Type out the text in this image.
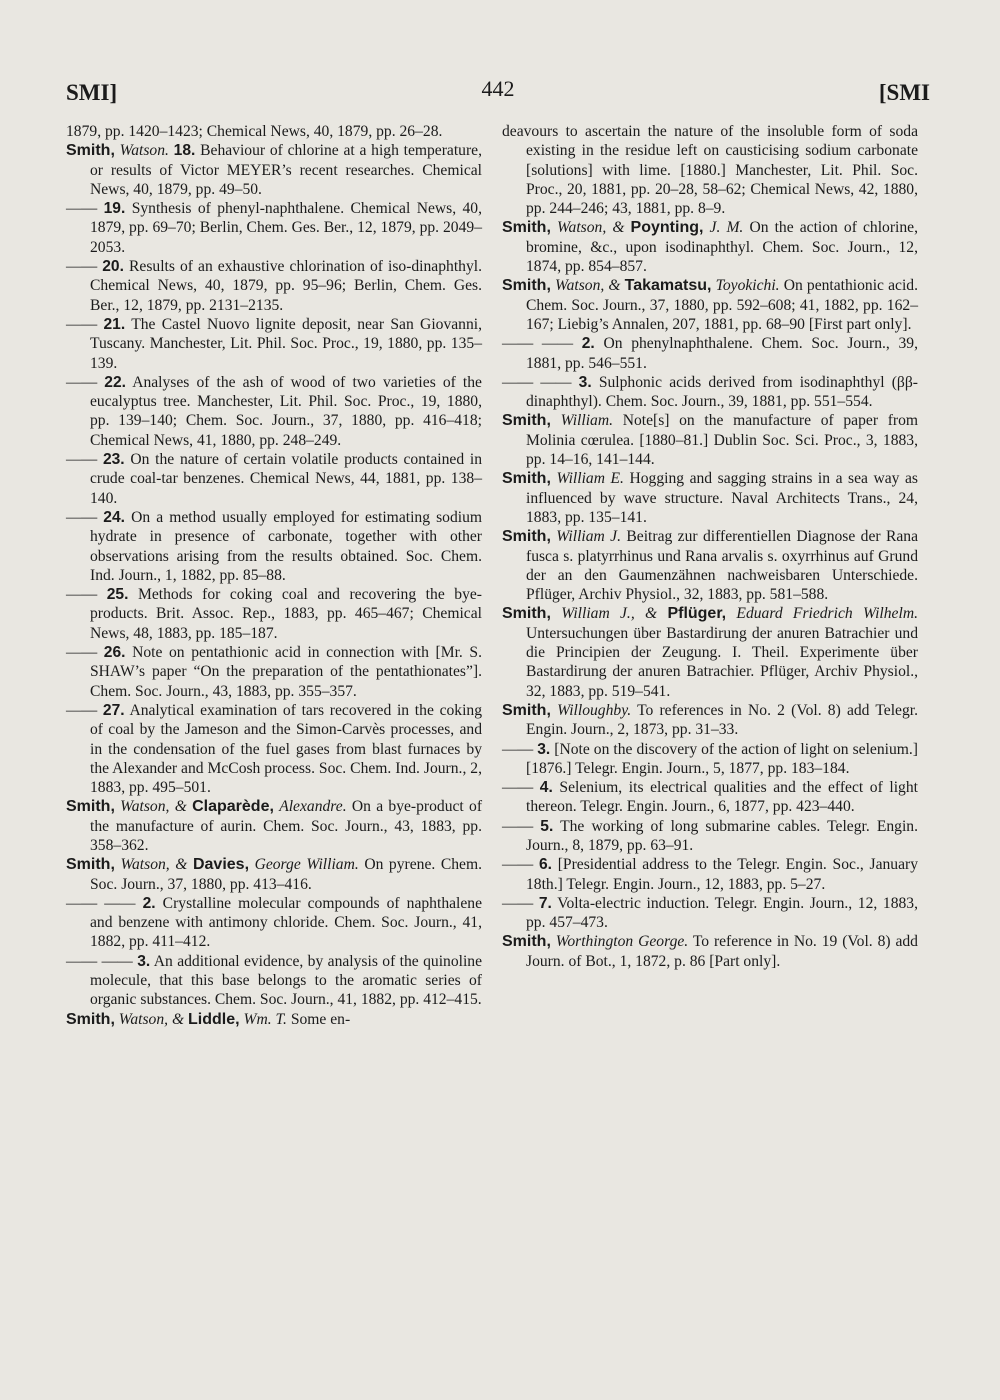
SMI]	442	[SMI

1879, pp. 1420–1423; Chemical News, 40, 1879, pp. 26–28.

Smith, Watson. 18. Behaviour of chlorine at a high temperature, or results of Victor MEYER’s recent researches. Chemical News, 40, 1879, pp. 49–50.

—— 19. Synthesis of phenyl-naphthalene. Chemical News, 40, 1879, pp. 69–70; Berlin, Chem. Ges. Ber., 12, 1879, pp. 2049–2053.

—— 20. Results of an exhaustive chlorination of iso-dinaphthyl. Chemical News, 40, 1879, pp. 95–96; Berlin, Chem. Ges. Ber., 12, 1879, pp. 2131–2135.

—— 21. The Castel Nuovo lignite deposit, near San Giovanni, Tuscany. Manchester, Lit. Phil. Soc. Proc., 19, 1880, pp. 135–139.

—— 22. Analyses of the ash of wood of two varieties of the eucalyptus tree. Manchester, Lit. Phil. Soc. Proc., 19, 1880, pp. 139–140; Chem. Soc. Journ., 37, 1880, pp. 416–418; Chemical News, 41, 1880, pp. 248–249.

—— 23. On the nature of certain volatile products contained in crude coal-tar benzenes. Chemical News, 44, 1881, pp. 138–140.

—— 24. On a method usually employed for estimating sodium hydrate in presence of carbonate, together with other observations arising from the results obtained. Soc. Chem. Ind. Journ., 1, 1882, pp. 85–88.

—— 25. Methods for coking coal and recovering the bye-products. Brit. Assoc. Rep., 1883, pp. 465–467; Chemical News, 48, 1883, pp. 185–187.

—— 26. Note on pentathionic acid in connection with [Mr. S. SHAW’s paper “On the preparation of the pentathionates”]. Chem. Soc. Journ., 43, 1883, pp. 355–357.

—— 27. Analytical examination of tars recovered in the coking of coal by the Jameson and the Simon-Carvès processes, and in the condensation of the fuel gases from blast furnaces by the Alexander and McCosh process. Soc. Chem. Ind. Journ., 2, 1883, pp. 495–501.

Smith, Watson, & Claparède, Alexandre. On a bye-product of the manufacture of aurin. Chem. Soc. Journ., 43, 1883, pp. 358–362.

Smith, Watson, & Davies, George William. On pyrene. Chem. Soc. Journ., 37, 1880, pp. 413–416.

—— —— 2. Crystalline molecular compounds of naphthalene and benzene with antimony chloride. Chem. Soc. Journ., 41, 1882, pp. 411–412.

—— —— 3. An additional evidence, by analysis of the quinoline molecule, that this base belongs to the aromatic series of organic substances. Chem. Soc. Journ., 41, 1882, pp. 412–415.

Smith, Watson, & Liddle, Wm. T. Some en-

deavours to ascertain the nature of the insoluble form of soda existing in the residue left on causticising sodium carbonate [solutions] with lime. [1880.] Manchester, Lit. Phil. Soc. Proc., 20, 1881, pp. 20–28, 58–62; Chemical News, 42, 1880, pp. 244–246; 43, 1881, pp. 8–9.

Smith, Watson, & Poynting, J. M. On the action of chlorine, bromine, &c., upon isodinaphthyl. Chem. Soc. Journ., 12, 1874, pp. 854–857.

Smith, Watson, & Takamatsu, Toyokichi. On pentathionic acid. Chem. Soc. Journ., 37, 1880, pp. 592–608; 41, 1882, pp. 162–167; Liebig’s Annalen, 207, 1881, pp. 68–90 [First part only].

—— —— 2. On phenylnaphthalene. Chem. Soc. Journ., 39, 1881, pp. 546–551.

—— —— 3. Sulphonic acids derived from isodinaphthyl (ββ-dinaphthyl). Chem. Soc. Journ., 39, 1881, pp. 551–554.

Smith, William. Note[s] on the manufacture of paper from Molinia cœrulea. [1880–81.] Dublin Soc. Sci. Proc., 3, 1883, pp. 14–16, 141–144.

Smith, William E. Hogging and sagging strains in a sea way as influenced by wave structure. Naval Architects Trans., 24, 1883, pp. 135–141.

Smith, William J. Beitrag zur differentiellen Diagnose der Rana fusca s. platyrrhinus und Rana arvalis s. oxyrrhinus auf Grund der an den Gaumenzähnen nachweisbaren Unterschiede. Pflüger, Archiv Physiol., 32, 1883, pp. 581–588.

Smith, William J., & Pflüger, Eduard Friedrich Wilhelm. Untersuchungen über Bastardirung der anuren Batrachier und die Principien der Zeugung. I. Theil. Experimente über Bastardirung der anuren Batrachier. Pflüger, Archiv Physiol., 32, 1883, pp. 519–541.

Smith, Willoughby. To references in No. 2 (Vol. 8) add Telegr. Engin. Journ., 2, 1873, pp. 31–33.

—— 3. [Note on the discovery of the action of light on selenium.] [1876.] Telegr. Engin. Journ., 5, 1877, pp. 183–184.

—— 4. Selenium, its electrical qualities and the effect of light thereon. Telegr. Engin. Journ., 6, 1877, pp. 423–440.

—— 5. The working of long submarine cables. Telegr. Engin. Journ., 8, 1879, pp. 63–91.

—— 6. [Presidential address to the Telegr. Engin. Soc., January 18th.] Telegr. Engin. Journ., 12, 1883, pp. 5–27.

—— 7. Volta-electric induction. Telegr. Engin. Journ., 12, 1883, pp. 457–473.

Smith, Worthington George. To reference in No. 19 (Vol. 8) add Journ. of Bot., 1, 1872, p. 86 [Part only].
